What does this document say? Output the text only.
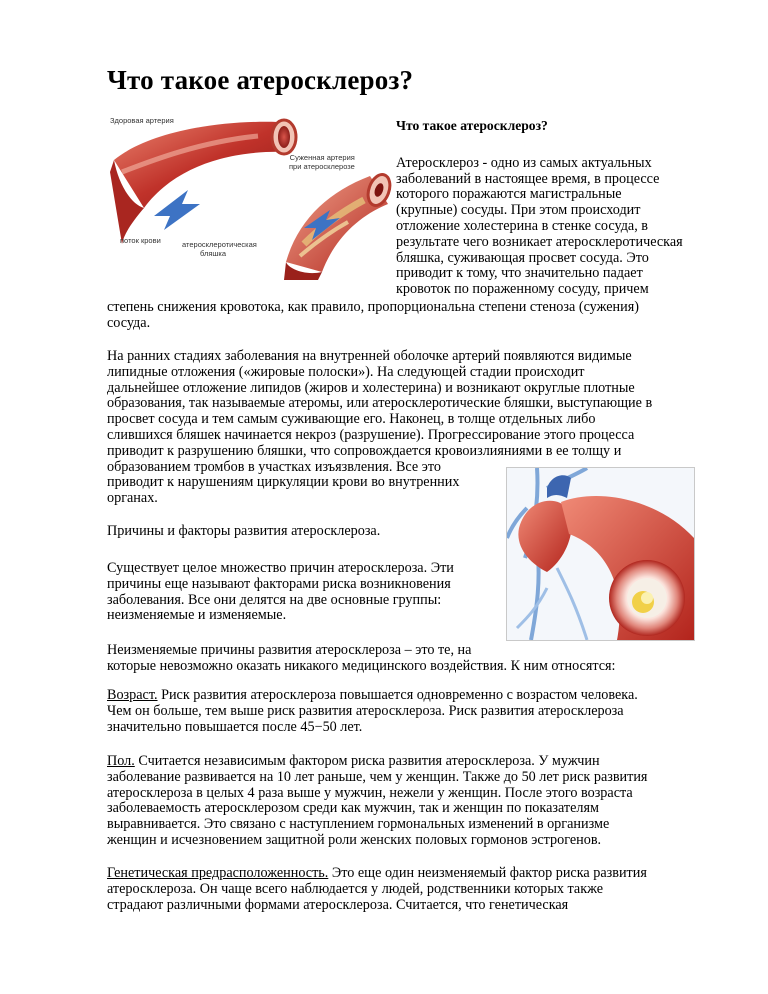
Что такое атеросклероз?
Здоровая артерия
Суженная артерия
при атеросклерозе
поток крови	атеросклеротическая
бляшка

Что такое атеросклероз?

Атеросклероз - одно из самых актуальных

заболеваний в настоящее время, в процессе

которого поражаются магистральные

(крупные) сосуды. При этом происходит

отложение холестерина в стенке сосуда, в

результате чего возникает атеросклеротическая

бляшка, суживающая просвет сосуда. Это

приводит к тому, что значительно падает

кровоток по пораженному сосуду, причем

степень снижения кровотока, как правило, пропорциональна степени стеноза (сужения)

сосуда.

На ранних стадиях заболевания на внутренней оболочке артерий появляются видимые

липидные отложения («жировые полоски»). На следующей стадии происходит

дальнейшее отложение липидов (жиров и холестерина) и возникают округлые плотные

образования, так называемые атеромы, или атеросклеротические бляшки, выступающие в

просвет сосуда и тем самым суживающие его. Наконец, в толще отдельных либо

слившихся бляшек начинается некроз (разрушение). Прогрессирование этого процесса

приводит к разрушению бляшки, что сопровождается кровоизлияниями в ее толщу и

образованием тромбов в участках изъязвления. Все это

приводит к нарушениям циркуляции крови во внутренних

органах.

Причины и факторы развития атеросклероза.

Существует целое множество причин атеросклероза. Эти

причины еще называют факторами риска возникновения

заболевания. Все они делятся на две основные группы:

неизменяемые и изменяемые.

Неизменяемые причины развития атеросклероза – это те, на

которые невозможно оказать никакого медицинского воздействия. К ним относятся:

Возраст. Риск развития атеросклероза повышается одновременно с возрастом человека.

Чем он больше, тем выше риск развития атеросклероза. Риск развития атеросклероза

значительно повышается после 45−50 лет.

Пол. Считается независимым фактором риска развития атеросклероза. У мужчин

заболевание развивается на 10 лет раньше, чем у женщин. Также до 50 лет риск развития

атеросклероза в целых 4 раза выше у мужчин, нежели у женщин. После этого возраста

заболеваемость атеросклерозом среди как мужчин, так и женщин по показателям

выравнивается. Это связано с наступлением гормональных изменений в организме

женщин и исчезновением защитной роли женских половых гормонов эстрогенов.

Генетическая предрасположенность. Это еще один неизменяемый фактор риска развития

атеросклероза. Он чаще всего наблюдается у людей, родственники которых также

страдают различными формами атеросклероза. Считается, что генетическая
